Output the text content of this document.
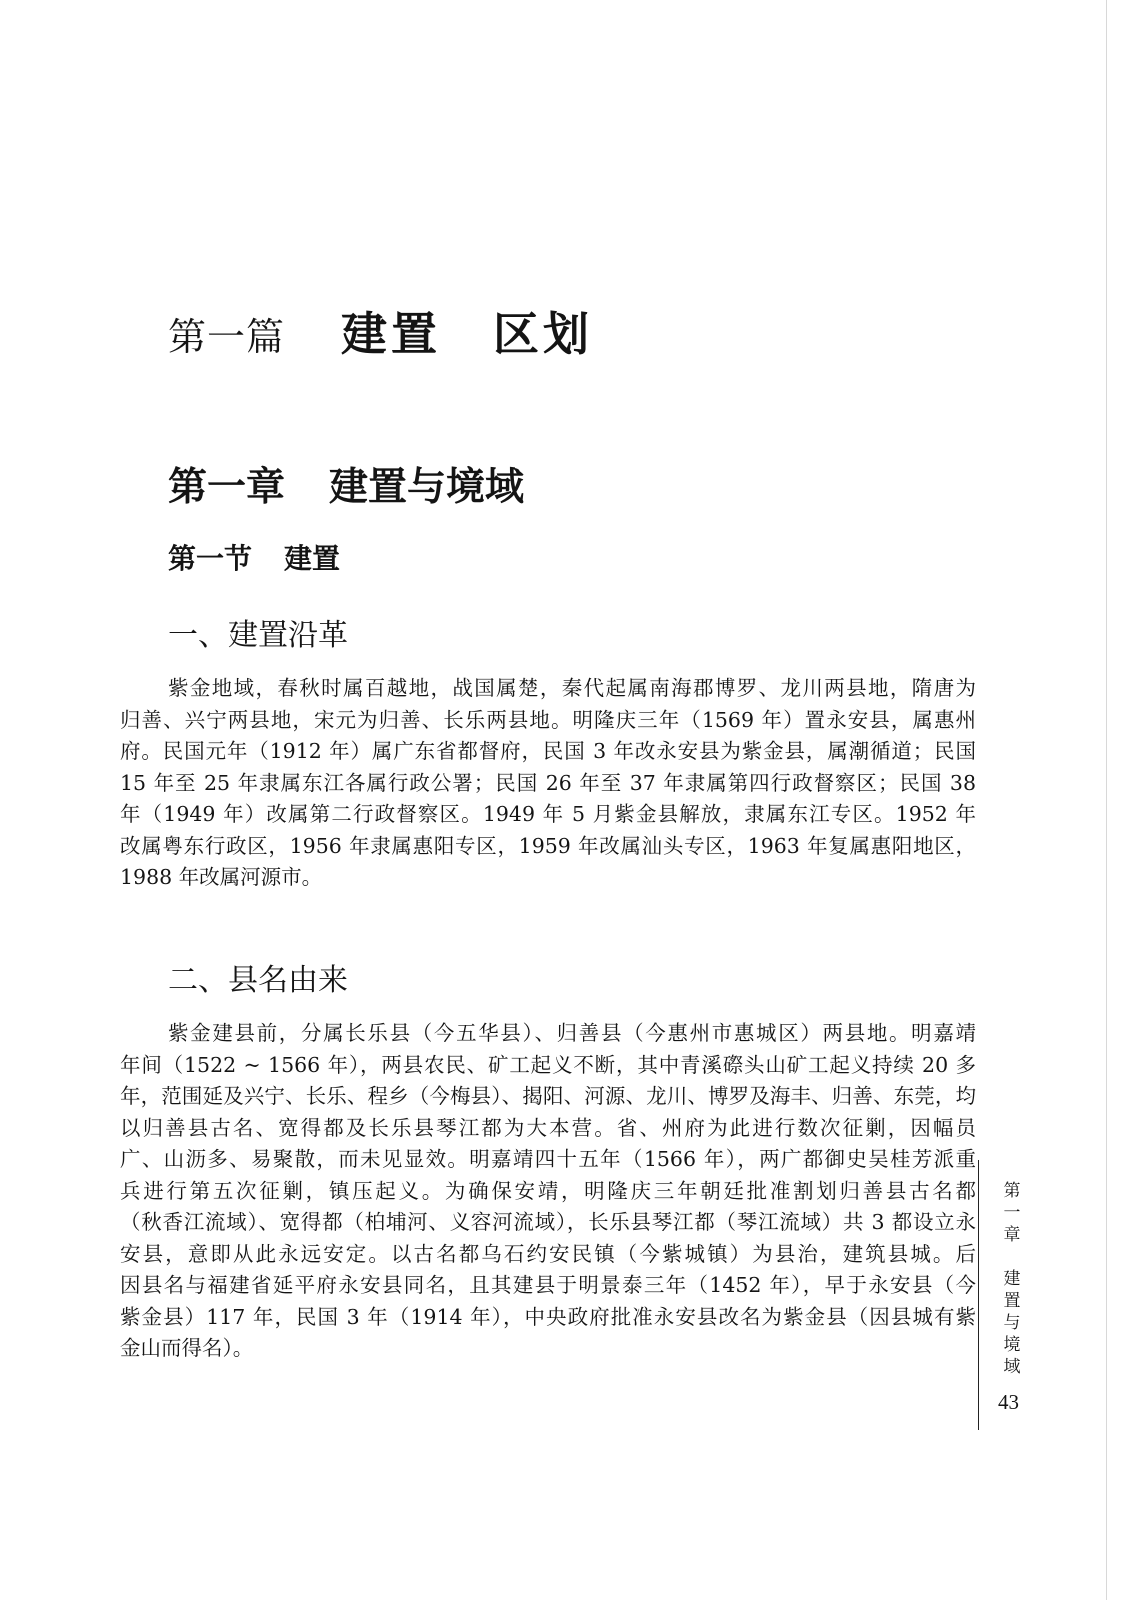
第一篇 建置 区划
第一章 建置与境域
第一节 建置
一、建置沿革
紫金地域，春秋时属百越地，战国属楚，秦代起属南海郡博罗、龙川两县地，隋唐为
归善、兴宁两县地，宋元为归善、长乐两县地。明隆庆三年（1569 年）置永安县，属惠州
府。民国元年（1912 年）属广东省都督府，民国 3 年改永安县为紫金县，属潮循道；民国
15 年至 25 年隶属东江各属行政公署；民国 26 年至 37 年隶属第四行政督察区；民国 38
年（1949 年）改属第二行政督察区。1949 年 5 月紫金县解放，隶属东江专区。1952 年
改属粤东行政区，1956 年隶属惠阳专区，1959 年改属汕头专区，1963 年复属惠阳地区，
1988 年改属河源市。
二、县名由来
紫金建县前，分属长乐县（今五华县）、归善县（今惠州市惠城区）两县地。明嘉靖
年间（1522 ~ 1566 年），两县农民、矿工起义不断，其中青溪磜头山矿工起义持续 20 多
年，范围延及兴宁、长乐、程乡（今梅县）、揭阳、河源、龙川、博罗及海丰、归善、东莞，均
以归善县古名、宽得都及长乐县琴江都为大本营。省、州府为此进行数次征剿，因幅员
广、山沥多、易聚散，而未见显效。明嘉靖四十五年（1566 年），两广都御史吴桂芳派重
兵进行第五次征剿，镇压起义。为确保安靖，明隆庆三年朝廷批准割划归善县古名都
（秋香江流域）、宽得都（柏埔河、义容河流域），长乐县琴江都（琴江流域）共 3 都设立永
安县，意即从此永远安定。以古名都乌石约安民镇（今紫城镇）为县治，建筑县城。后
因县名与福建省延平府永安县同名，且其建县于明景泰三年（1452 年），早于永安县（今
紫金县）117 年，民国 3 年（1914 年），中央政府批准永安县改名为紫金县（因县城有紫
金山而得名）。
第一章
建置与境域
43
